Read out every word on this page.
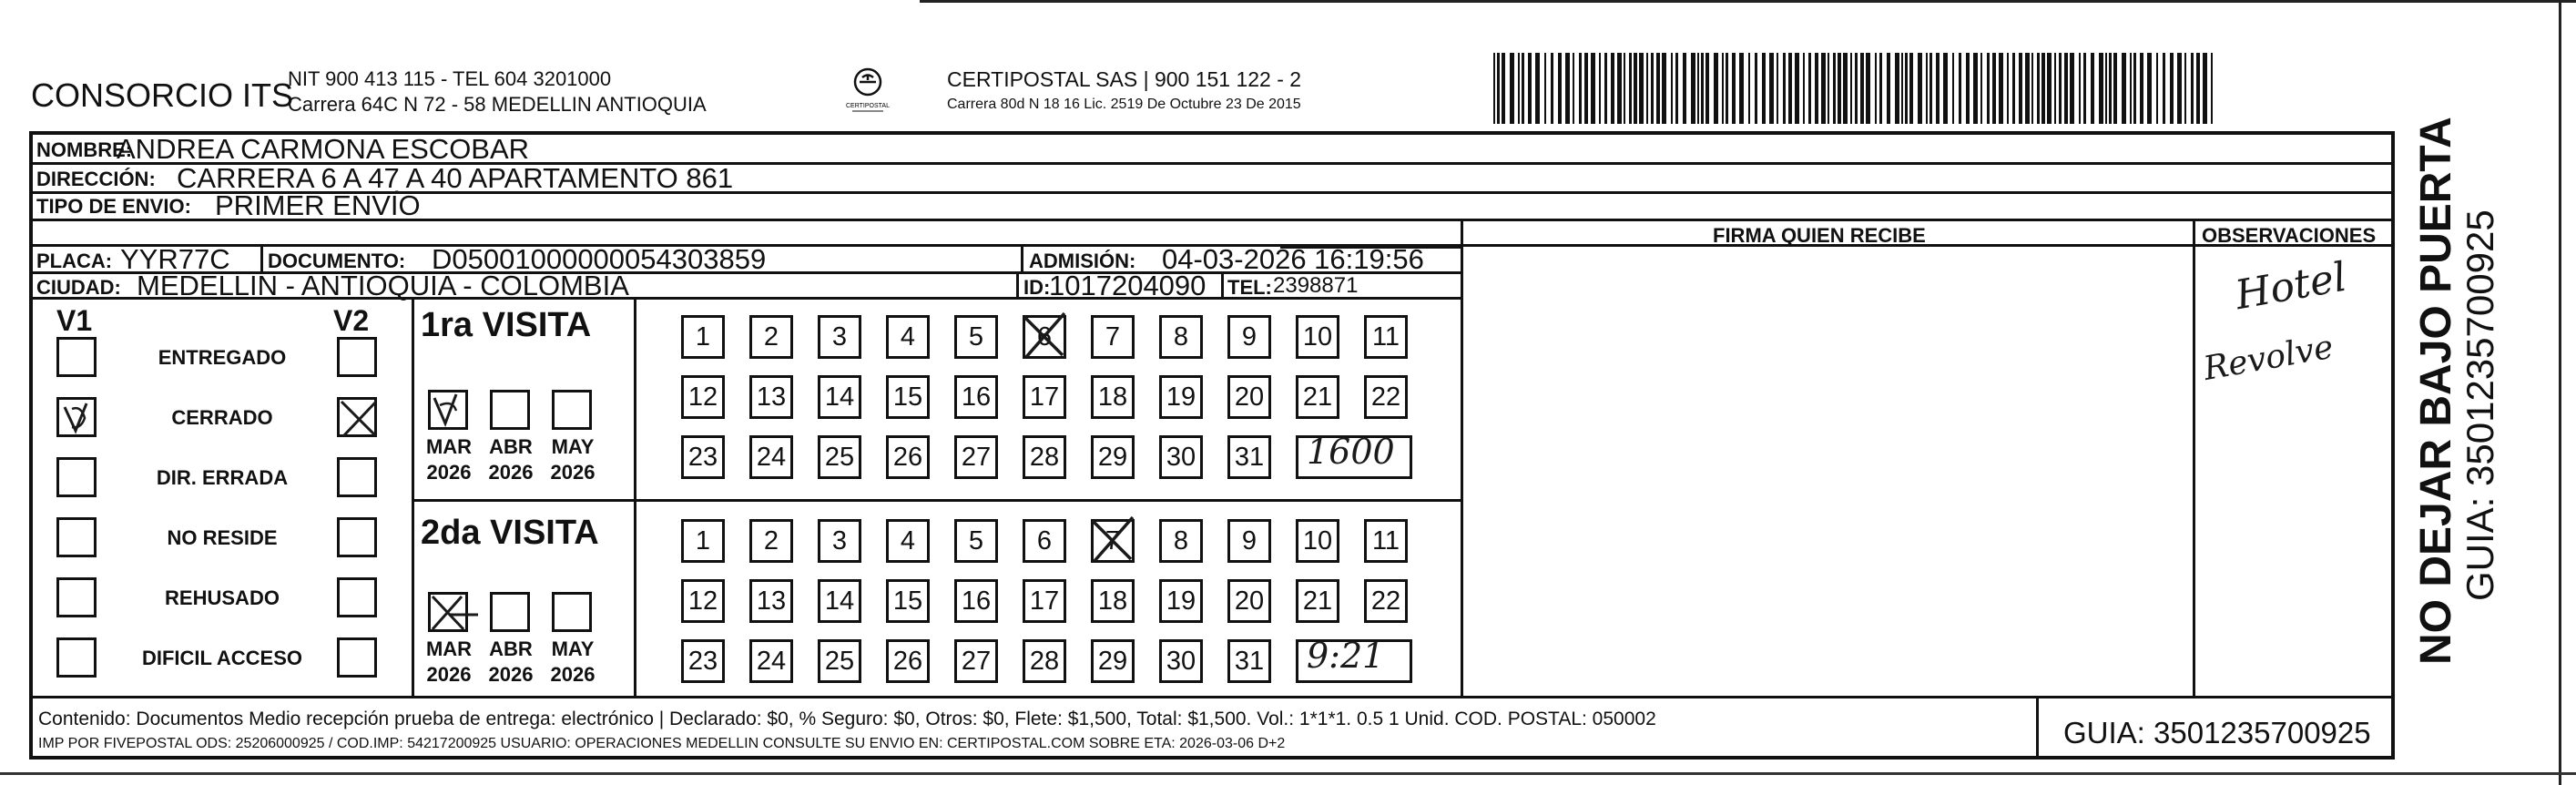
CONSORCIO ITS
NIT 900 413 115 - TEL 604 3201000
Carrera 64C N 72 - 58 MEDELLIN ANTIOQUIA	CERTIPOSTAL
CERTIPOSTAL SAS | 900 151 122 - 2
Carrera 80d N 18 16 Lic. 2519 De Octubre 23 De 2015
NOMBRE:
ANDREA CARMONA ESCOBAR
DIRECCIÓN: CARRERA 6 A 47 A 40 APARTAMENTO 861
TIPO DE ENVIO: PRIMER ENVÍO
FIRMA QUIEN RECIBE	OBSERVACIONES
PLACA: YYR77C DOCUMENTO: D05001000000054303859	ADMISIÓN: 04-03-2026 16:19:56
CIUDAD: MEDELLIN - ANTIOQUIA - COLOMBIA	ID:
1017204090 TEL: 2398871	Hotel
Revolve
V1	V2
ENTREGADO
CERRADO
DIR. ERRADA
NO RESIDE
REHUSADO
DIFICIL ACCESO
1ra VISITA
MAR
2026
ABR
2026
MAY
2026
1	2	3	4	5	6	7	8	9	10	11
12 13 14 15 16 17 18 19 20 21 22
23 24 25 26 27 28 29 30 31 1600
2da VISITA
MAR
2026
ABR
2026
MAY
2026
1	2	3	4	5	6	7	8	9	10	11
12 13 14 15 16 17 18 19 20 21 22
23 24 25 26 27 28 29 30 31 9:21
Contenido: Documentos Medio recepción prueba de entrega: electrónico | Declarado: $0, % Seguro: $0, Otros: $0, Flete: $1,500, Total: $1,500. Vol.: 1*1*1. 0.5 1 Unid. COD. POSTAL: 050002
IMP POR FIVEPOSTAL ODS: 25206000925 / COD.IMP: 54217200925 USUARIO: OPERACIONES MEDELLIN CONSULTE SU ENVIO EN: CERTIPOSTAL.COM SOBRE ETA: 2026-03-06 D+2	GUIA: 3501235700925
NO DEJAR BAJO PUERTA
GUIA: 3501235700925
